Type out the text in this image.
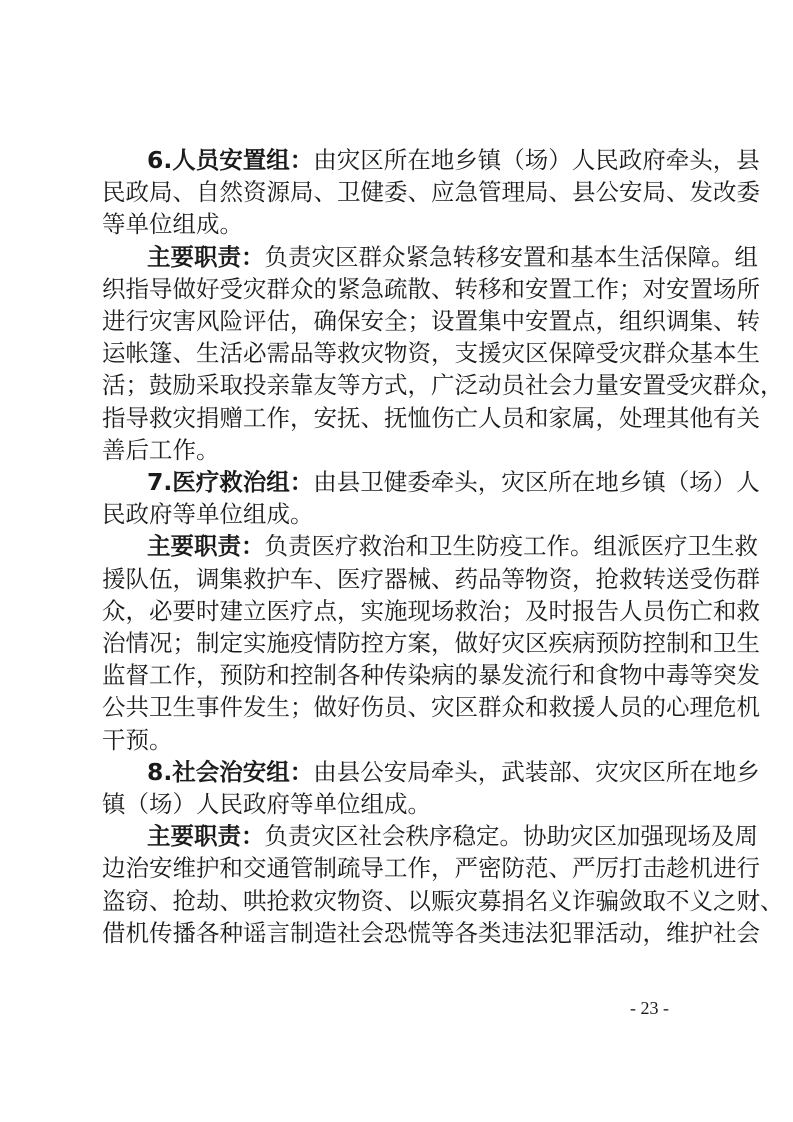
6.人员安置组：由灾区所在地乡镇（场）人民政府牵头，县
民政局、自然资源局、卫健委、应急管理局、县公安局、发改委
等单位组成。
主要职责：负责灾区群众紧急转移安置和基本生活保障。组
织指导做好受灾群众的紧急疏散、转移和安置工作；对安置场所
进行灾害风险评估，确保安全；设置集中安置点，组织调集、转
运帐篷、生活必需品等救灾物资，支援灾区保障受灾群众基本生
活；鼓励采取投亲靠友等方式，广泛动员社会力量安置受灾群众，
指导救灾捐赠工作，安抚、抚恤伤亡人员和家属，处理其他有关
善后工作。
7.医疗救治组：由县卫健委牵头，灾区所在地乡镇（场）人
民政府等单位组成。
主要职责：负责医疗救治和卫生防疫工作。组派医疗卫生救
援队伍，调集救护车、医疗器械、药品等物资，抢救转送受伤群
众，必要时建立医疗点，实施现场救治；及时报告人员伤亡和救
治情况；制定实施疫情防控方案，做好灾区疾病预防控制和卫生
监督工作，预防和控制各种传染病的暴发流行和食物中毒等突发
公共卫生事件发生；做好伤员、灾区群众和救援人员的心理危机
干预。
8.社会治安组：由县公安局牵头，武装部、灾灾区所在地乡
镇（场）人民政府等单位组成。
主要职责：负责灾区社会秩序稳定。协助灾区加强现场及周
边治安维护和交通管制疏导工作，严密防范、严厉打击趁机进行
盗窃、抢劫、哄抢救灾物资、以赈灾募捐名义诈骗敛取不义之财、
借机传播各种谣言制造社会恐慌等各类违法犯罪活动，维护社会
- 23 -
